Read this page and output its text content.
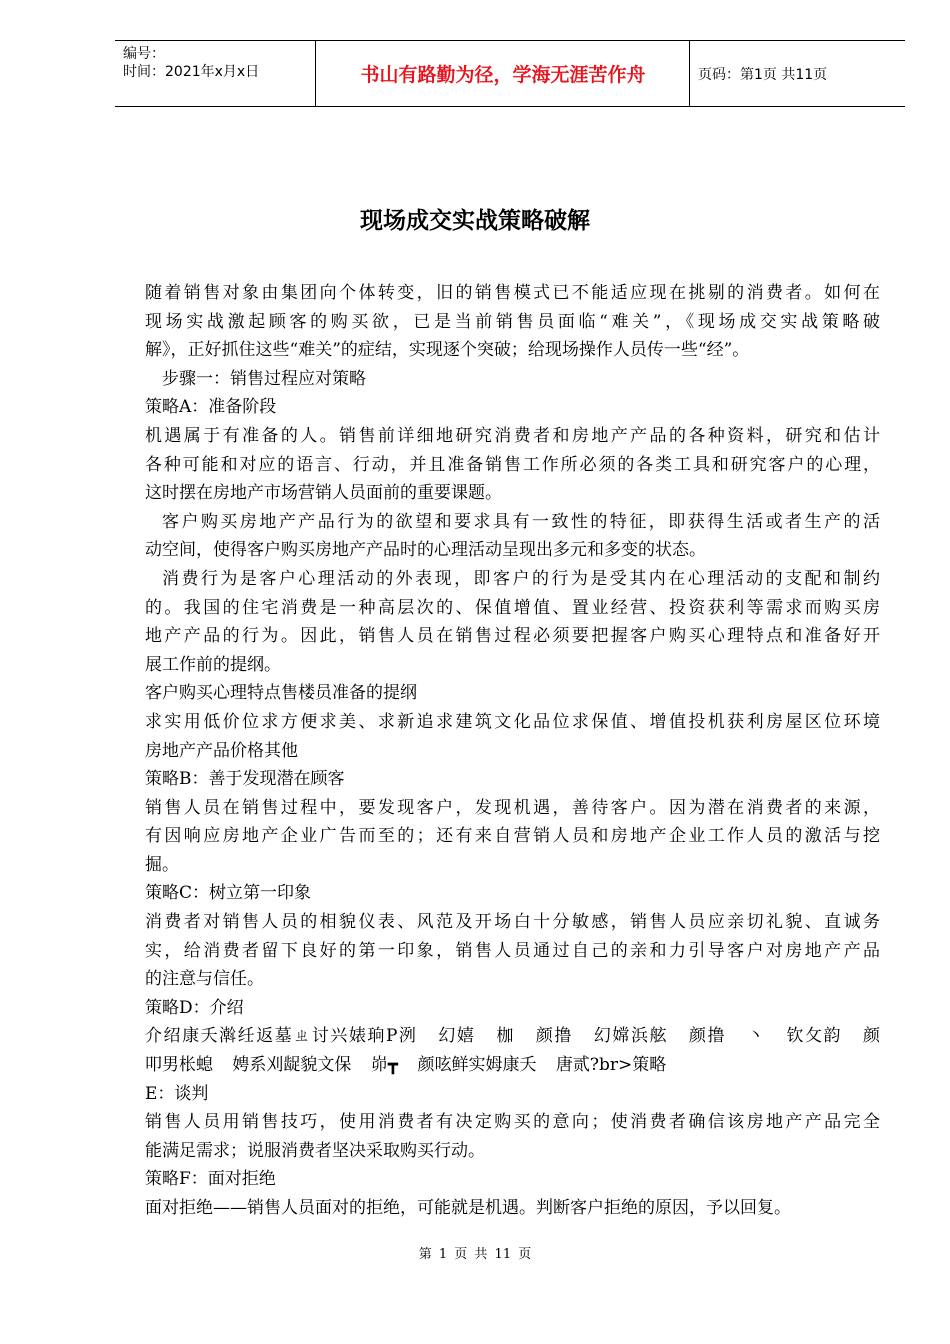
编号：
时间：2021年x月x日	书山有路勤为径，学海无涯苦作舟	页码：第1页 共11页
现场成交实战策略破解
随着销售对象由集团向个体转变，旧的销售模式已不能适应现在挑剔的消费者。如何在
现场实战激起顾客的购买欲，已是当前销售员面临“难关”，《现场成交实战策略破
解》，正好抓住这些“难关”的症结，实现逐个突破；给现场操作人员传一些“经”。
步骤一：销售过程应对策略
策略A：准备阶段
机遇属于有准备的人。销售前详细地研究消费者和房地产产品的各种资料，研究和估计
各种可能和对应的语言、行动，并且准备销售工作所必须的各类工具和研究客户的心理，
这时摆在房地产市场营销人员面前的重要课题。
客户购买房地产产品行为的欲望和要求具有一致性的特征，即获得生活或者生产的活
动空间，使得客户购买房地产产品时的心理活动呈现出多元和多变的状态。
消费行为是客户心理活动的外表现，即客户的行为是受其内在心理活动的支配和制约
的。我国的住宅消费是一种高层次的、保值增值、置业经营、投资获利等需求而购买房
地产产品的行为。因此，销售人员在销售过程必须要把握客户购买心理特点和准备好开
展工作前的提纲。
客户购买心理特点售楼员准备的提纲
求实用低价位求方便求美、求新追求建筑文化品位求保值、增值投机获利房屋区位环境
房地产产品价格其他
策略B：善于发现潜在顾客
销售人员在销售过程中，要发现客户，发现机遇，善待客户。因为潜在消费者的来源，
有因响应房地产企业广告而至的；还有来自营销人员和房地产企业工作人员的激活与挖
掘。
策略C：树立第一印象
消费者对销售人员的相貌仪表、风范及开场白十分敏感，销售人员应亲切礼貌、直诚务
实，给消费者留下良好的第一印象，销售人员通过自己的亲和力引导客户对房地产产品
的注意与信任。
策略D：介绍
介绍康夭濣纴返墓ㄓ讨兴婊珦P洌 幻嬉 枷 颜撸 幻嫦浜舷 颜撸 丶 钦攵韵 颜
叩男枨螅 娉系刈龊貌文保 峁┳ 颜呟鲜实姆康夭 唐贰?br>策略
E：谈判
销售人员用销售技巧，使用消费者有决定购买的意向；使消费者确信该房地产产品完全
能满足需求；说服消费者坚决采取购买行动。
策略F：面对拒绝
面对拒绝——销售人员面对的拒绝，可能就是机遇。判断客户拒绝的原因，予以回复。
第 1 页 共 11 页
